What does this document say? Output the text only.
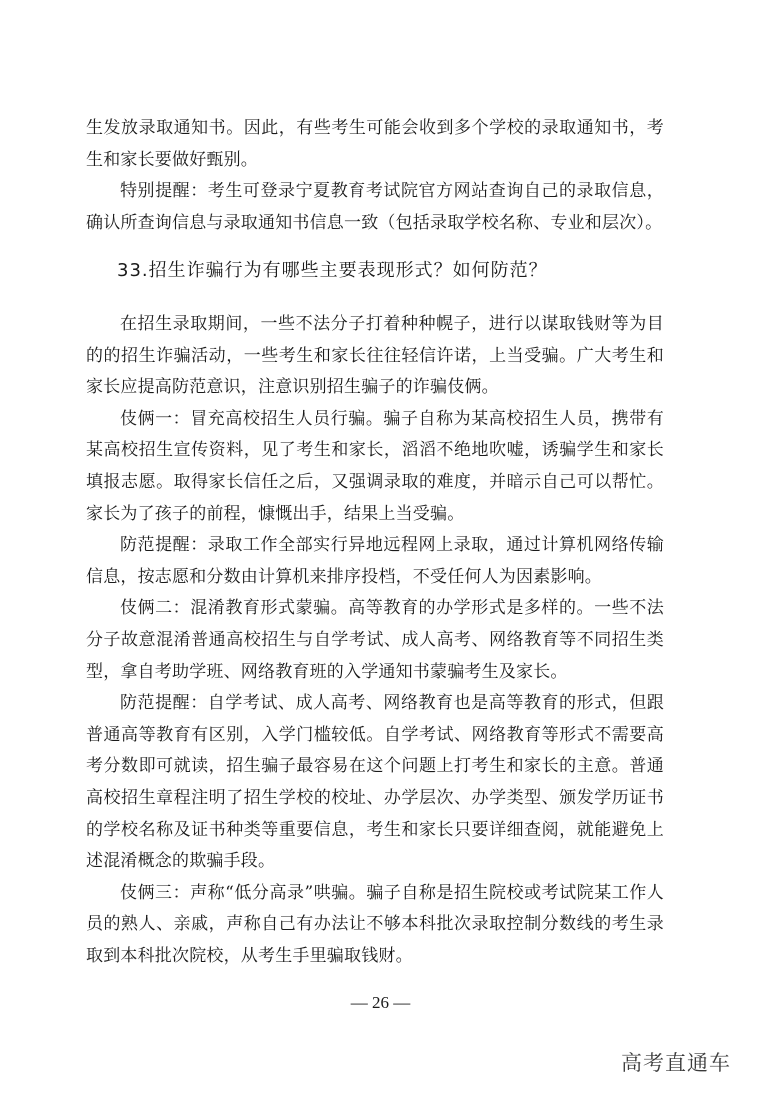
生发放录取通知书。因此，有些考生可能会收到多个学校的录取通知书，考生和家长要做好甄别。

特别提醒：考生可登录宁夏教育考试院官方网站查询自己的录取信息，确认所查询信息与录取通知书信息一致（包括录取学校名称、专业和层次）。

33.招生诈骗行为有哪些主要表现形式？如何防范？

在招生录取期间，一些不法分子打着种种幌子，进行以谋取钱财等为目的的招生诈骗活动，一些考生和家长往往轻信许诺，上当受骗。广大考生和家长应提高防范意识，注意识别招生骗子的诈骗伎俩。

伎俩一：冒充高校招生人员行骗。骗子自称为某高校招生人员，携带有某高校招生宣传资料，见了考生和家长，滔滔不绝地吹嘘，诱骗学生和家长填报志愿。取得家长信任之后，又强调录取的难度，并暗示自己可以帮忙。家长为了孩子的前程，慷慨出手，结果上当受骗。

防范提醒：录取工作全部实行异地远程网上录取，通过计算机网络传输信息，按志愿和分数由计算机来排序投档，不受任何人为因素影响。

伎俩二：混淆教育形式蒙骗。高等教育的办学形式是多样的。一些不法分子故意混淆普通高校招生与自学考试、成人高考、网络教育等不同招生类型，拿自考助学班、网络教育班的入学通知书蒙骗考生及家长。

防范提醒：自学考试、成人高考、网络教育也是高等教育的形式，但跟普通高等教育有区别，入学门槛较低。自学考试、网络教育等形式不需要高考分数即可就读，招生骗子最容易在这个问题上打考生和家长的主意。普通高校招生章程注明了招生学校的校址、办学层次、办学类型、颁发学历证书的学校名称及证书种类等重要信息，考生和家长只要详细查阅，就能避免上述混淆概念的欺骗手段。

伎俩三：声称“低分高录”哄骗。骗子自称是招生院校或考试院某工作人员的熟人、亲戚，声称自己有办法让不够本科批次录取控制分数线的考生录取到本科批次院校，从考生手里骗取钱财。

— 26 —
高考直通车
